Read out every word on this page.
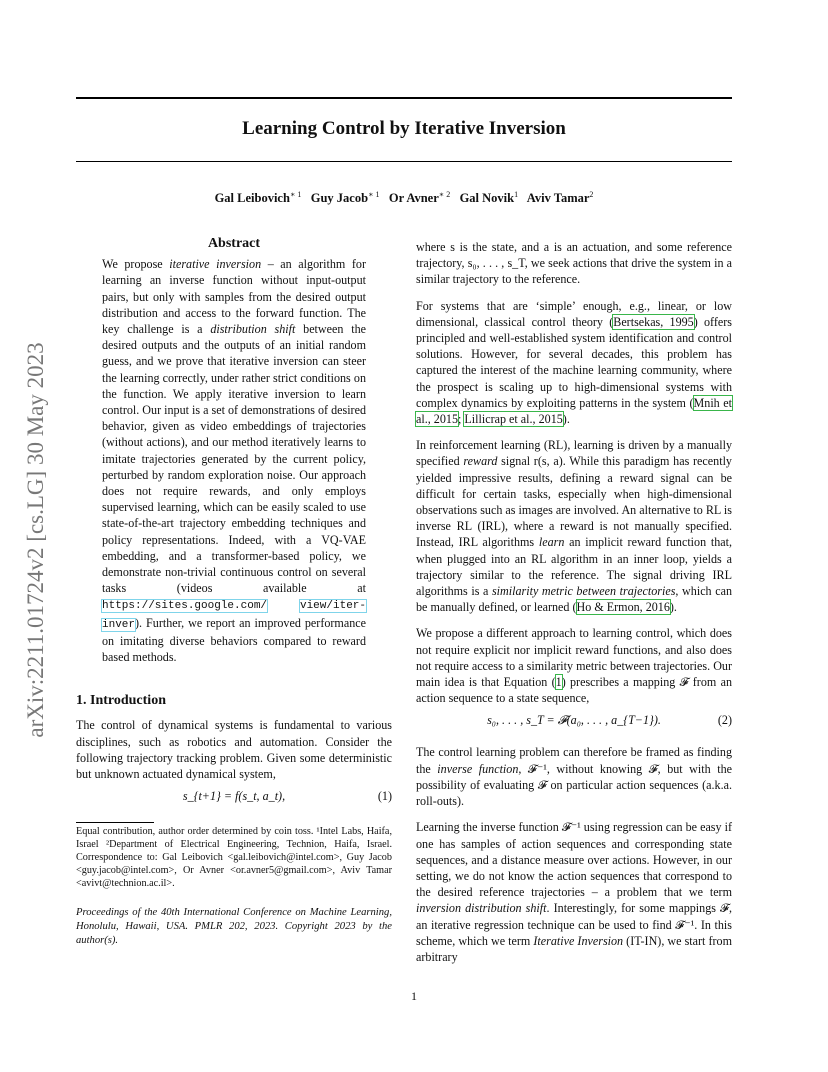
Learning Control by Iterative Inversion
Gal Leibovich$^{∗ 1}$ Guy Jacob$^{∗ 1}$ Or Avner$^{∗ 2}$ Gal Novik$^1$ Aviv Tamar$^2$
arXiv:2211.01724v2 [cs.LG] 30 May 2023
Abstract
We propose iterative inversion – an algorithm for learning an inverse function without input-output pairs, but only with samples from the desired output distribution and access to the forward function. The key challenge is a distribution shift between the desired outputs and the outputs of an initial random guess, and we prove that iterative inversion can steer the learning correctly, under rather strict conditions on the function. We apply iterative inversion to learn control. Our input is a set of demonstrations of desired behavior, given as video embeddings of trajectories (without actions), and our method iteratively learns to imitate trajectories generated by the current policy, perturbed by random exploration noise. Our approach does not require rewards, and only employs supervised learning, which can be easily scaled to use state-of-the-art trajectory embedding techniques and policy representations. Indeed, with a VQ-VAE embedding, and a transformer-based policy, we demonstrate non-trivial continuous control on several tasks (videos available at https://sites.google.com/	view/iter-inver). Further, we report an improved performance on imitating diverse behaviors compared to reward based methods.
1. Introduction
The control of dynamical systems is fundamental to various disciplines, such as robotics and automation. Consider the following trajectory tracking problem. Given some deterministic but unknown actuated dynamical system,
s_{t+1} = f(s_t, a_t),	(1)
Equal contribution, author order determined by coin toss. ¹Intel Labs, Haifa, Israel ²Department of Electrical Engineering, Technion, Haifa, Israel. Correspondence to: Gal Leibovich <gal.leibovich@intel.com>, Guy Jacob <guy.jacob@intel.com>, Or Avner <or.avner5@gmail.com>, Aviv Tamar <avivt@technion.ac.il>.
Proceedings of the 40th International Conference on Machine Learning, Honolulu, Hawaii, USA. PMLR 202, 2023. Copyright 2023 by the author(s).

where s is the state, and a is an actuation, and some reference trajectory, s₀, . . . , s_T, we seek actions that drive the system in a similar trajectory to the reference.

For systems that are ‘simple’ enough, e.g., linear, or low dimensional, classical control theory (Bertsekas, 1995) offers principled and well-established system identification and control solutions. However, for several decades, this problem has captured the interest of the machine learning community, where the prospect is scaling up to high-dimensional systems with complex dynamics by exploiting patterns in the system (Mnih et al., 2015; Lillicrap et al., 2015).

In reinforcement learning (RL), learning is driven by a manually specified reward signal r(s, a). While this paradigm has recently yielded impressive results, defining a reward signal can be difficult for certain tasks, especially when high-dimensional observations such as images are involved. An alternative to RL is inverse RL (IRL), where a reward is not manually specified. Instead, IRL algorithms learn an implicit reward function that, when plugged into an RL algorithm in an inner loop, yields a trajectory similar to the reference. The signal driving IRL algorithms is a similarity metric between trajectories, which can be manually defined, or learned (Ho & Ermon, 2016).

We propose a different approach to learning control, which does not require explicit nor implicit reward functions, and also does not require access to a similarity metric between trajectories. Our main idea is that Equation (1) prescribes a mapping 𝓕 from an action sequence to a state sequence,

s₀, . . . , s_T = 𝓕(a₀, . . . , a_{T−1}).	(2)

The control learning problem can therefore be framed as finding the inverse function, 𝓕⁻¹, without knowing 𝓕, but with the possibility of evaluating 𝓕 on particular action sequences (a.k.a. roll-outs).

Learning the inverse function 𝓕⁻¹ using regression can be easy if one has samples of action sequences and corresponding state sequences, and a distance measure over actions. However, in our setting, we do not know the action sequences that correspond to the desired reference trajectories – a problem that we term inversion distribution shift. Interestingly, for some mappings 𝓕, an iterative regression technique can be used to find 𝓕⁻¹. In this scheme, which we term Iterative Inversion (IT-IN), we start from arbitrary

1
